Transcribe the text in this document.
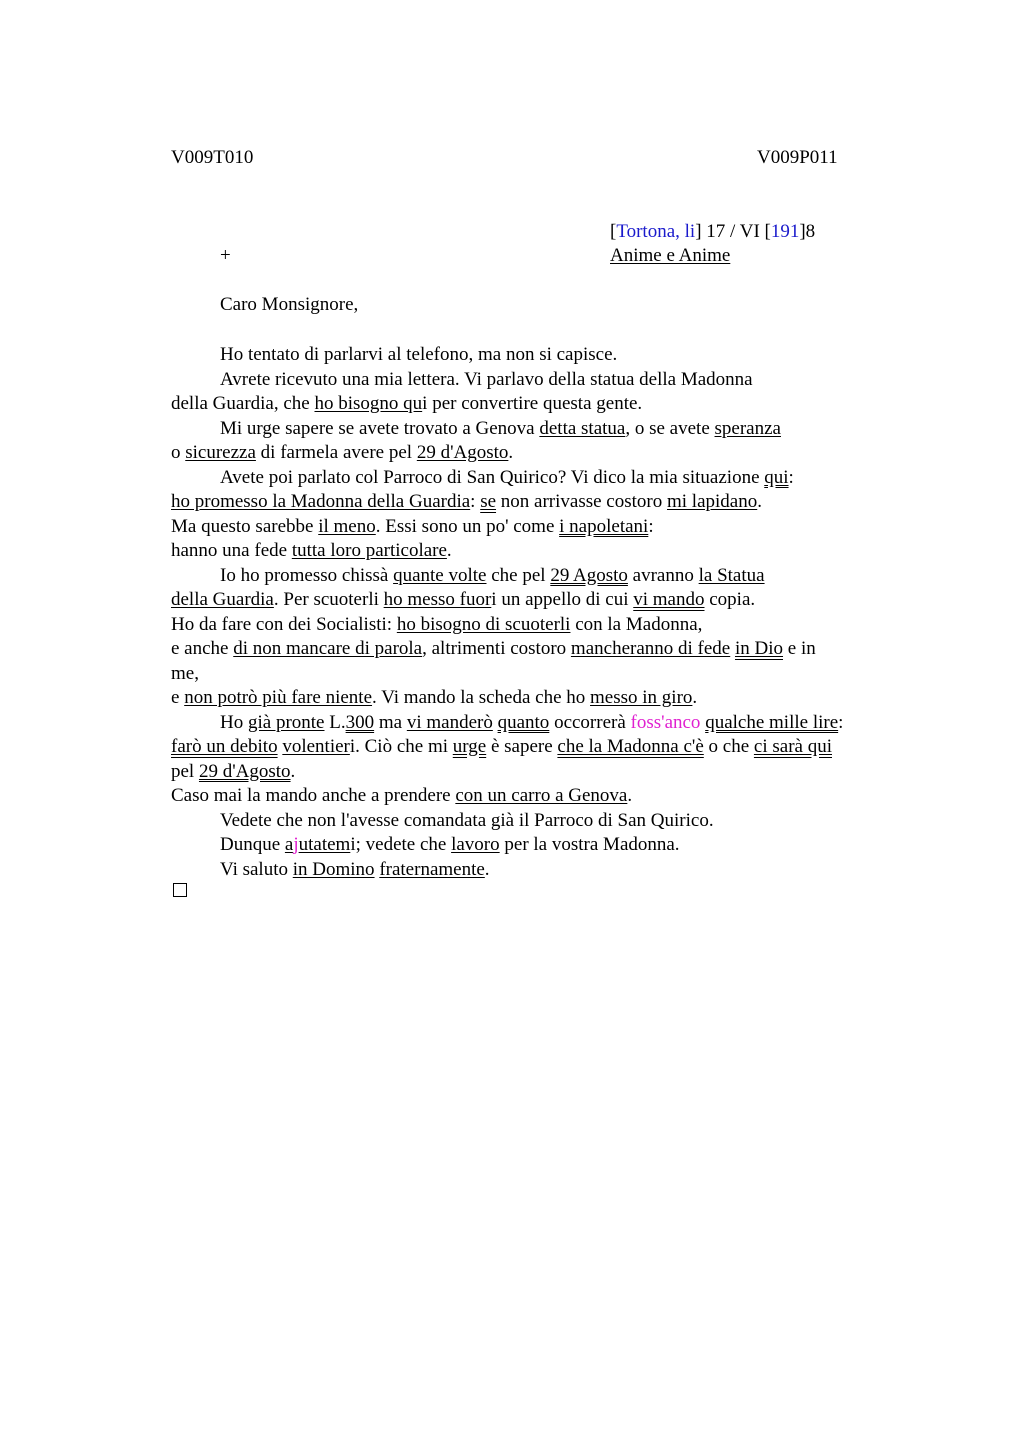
V009T010	V009P011
[Tortona, li] 17 / VI [191]8
+	Anime e Anime
Caro Monsignore,
Ho tentato di parlarvi al telefono, ma non si capisce.
Avrete ricevuto una mia lettera. Vi parlavo della statua della Madonna
della Guardia, che ho bisogno qui per convertire questa gente.
Mi urge sapere se avete trovato a Genova detta statua, o se avete speranza
o sicurezza di farmela avere pel 29 d'Agosto.
Avete poi parlato col Parroco di San Quirico? Vi dico la mia situazione qui:
ho promesso la Madonna della Guardia: se non arrivasse costoro mi lapidano.
Ma questo sarebbe il meno. Essi sono un po' come i napoletani:
hanno una fede tutta loro particolare.
Io ho promesso chissà quante volte che pel 29 Agosto avranno la Statua
della Guardia. Per scuoterli ho messo fuori un appello di cui vi mando copia.
Ho da fare con dei Socialisti: ho bisogno di scuoterli con la Madonna,
e anche di non mancare di parola, altrimenti costoro mancheranno di fede in Dio e in
me,
e non potrò più fare niente. Vi mando la scheda che ho messo in giro.
Ho già pronte L.300 ma vi manderò quanto occorrerà foss'anco qualche mille lire:
farò un debito volentieri. Ciò che mi urge è sapere che la Madonna c'è o che ci sarà qui
pel 29 d'Agosto.
Caso mai la mando anche a prendere con un carro a Genova.
Vedete che non l'avesse comandata già il Parroco di San Quirico.
Dunque ajutatemi; vedete che lavoro per la vostra Madonna.
Vi saluto in Domino fraternamente.
